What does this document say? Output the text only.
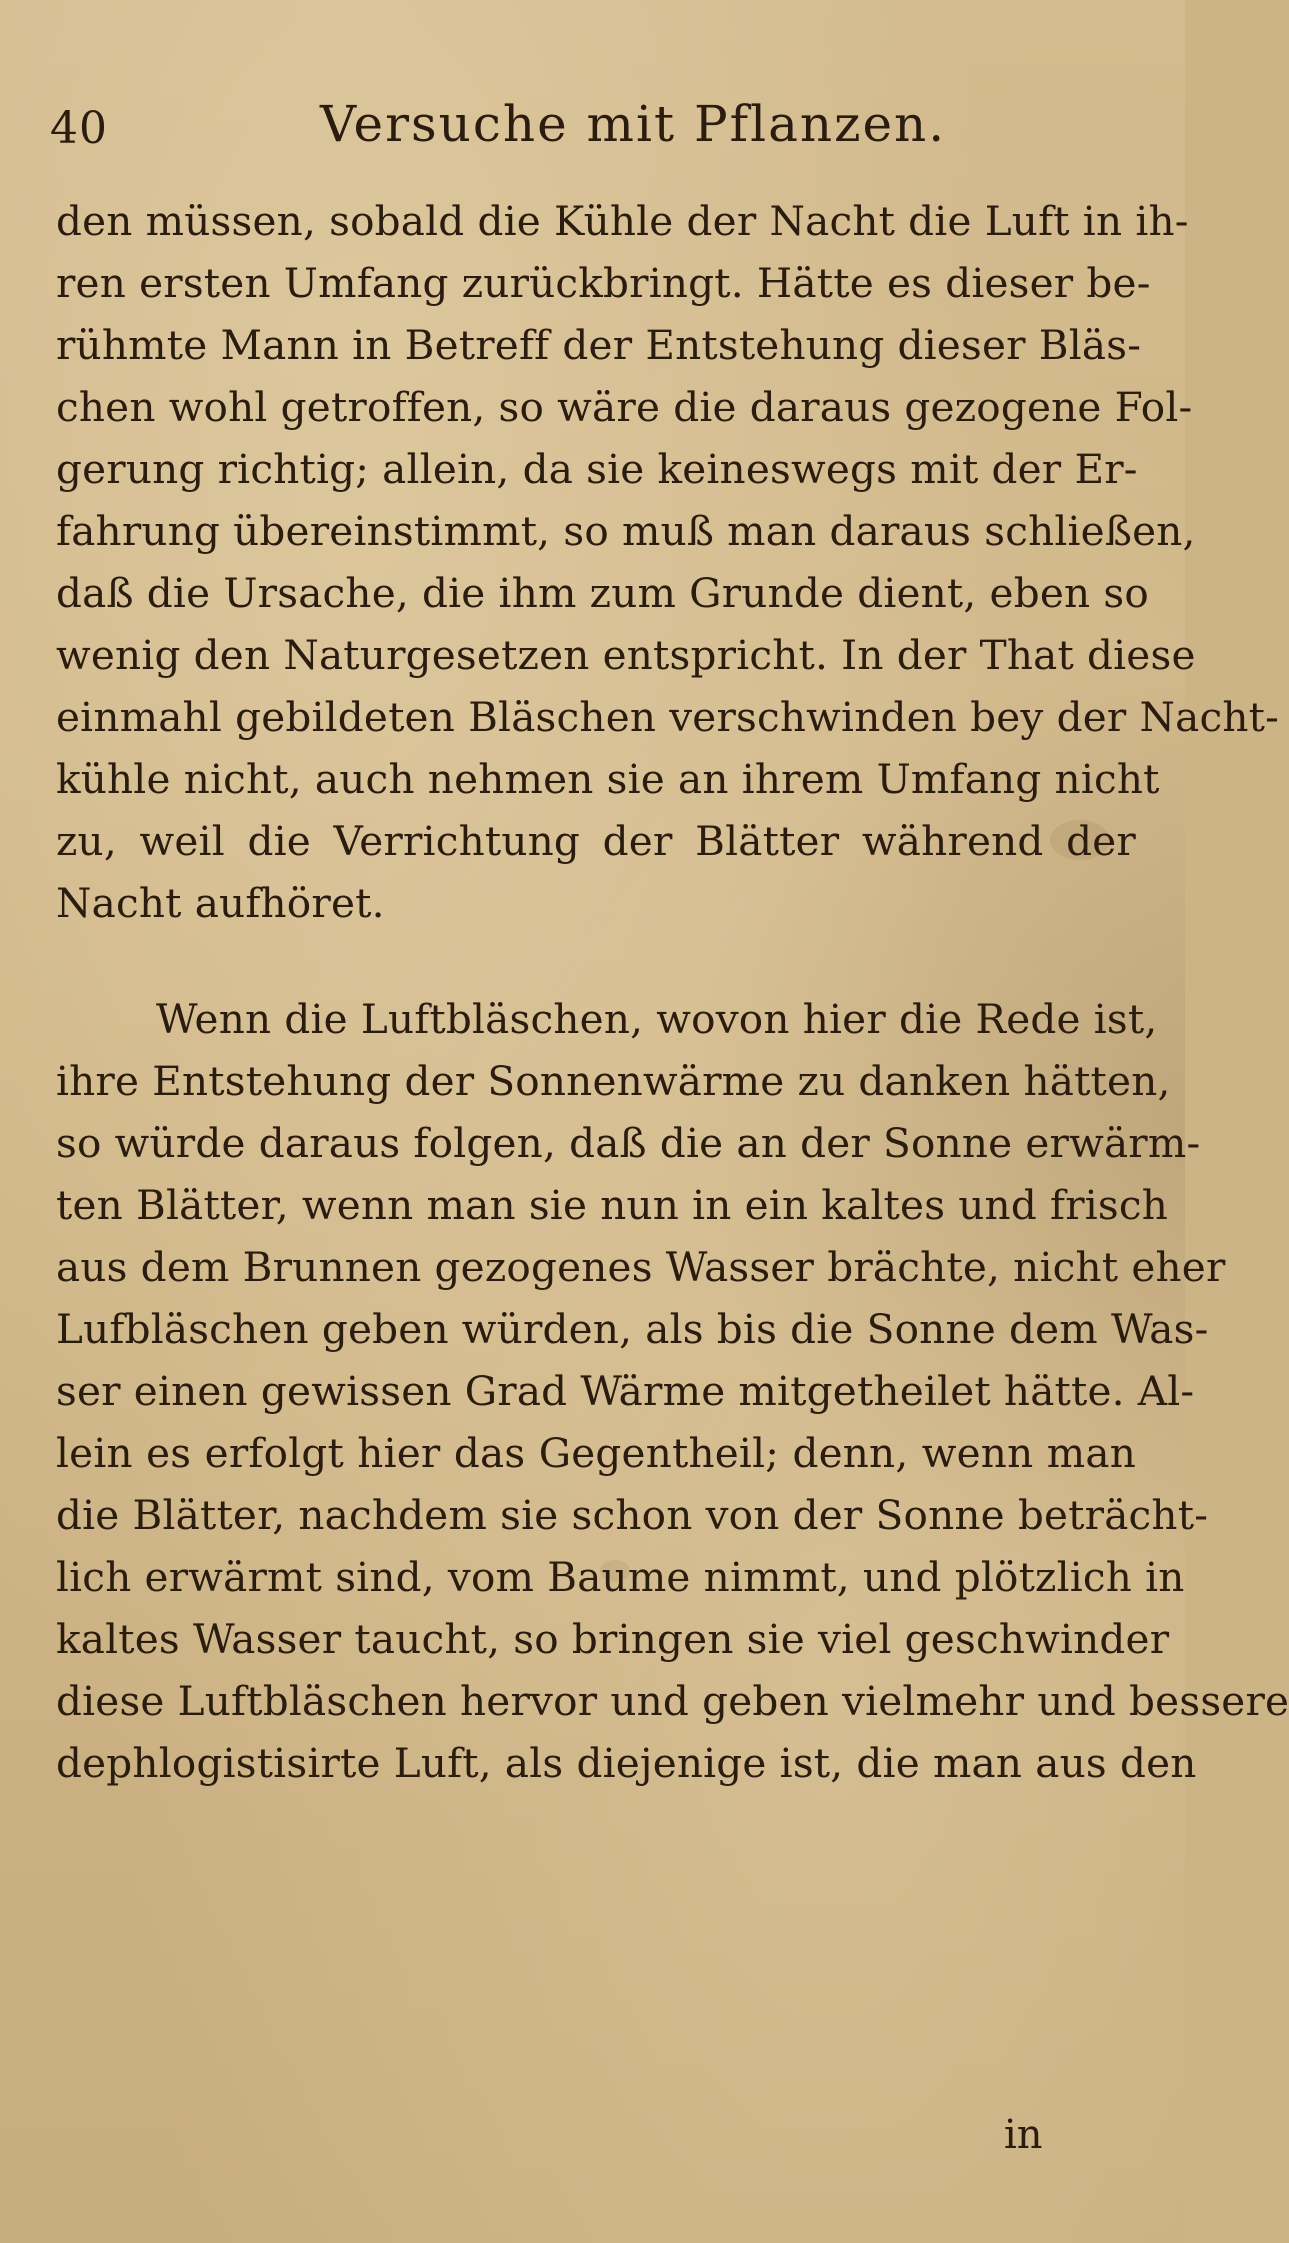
40	Versuche mit Pflanzen.
den müssen, sobald die Kühle der Nacht die Luft in ih-
ren ersten Umfang zurückbringt. Hätte es dieser be-
rühmte Mann in Betreff der Entstehung dieser Bläs-
chen wohl getroffen, so wäre die daraus gezogene Fol-
gerung richtig; allein, da sie keineswegs mit der Er-
fahrung übereinstimmt, so muß man daraus schließen,
daß die Ursache, die ihm zum Grunde dient, eben so
wenig den Naturgesetzen entspricht. In der That diese
einmahl gebildeten Bläschen verschwinden bey der Nacht-
kühle nicht, auch nehmen sie an ihrem Umfang nicht
zu, weil die Verrichtung der Blätter während der
Nacht aufhöret.
Wenn die Luftbläschen, wovon hier die Rede ist,
ihre Entstehung der Sonnenwärme zu danken hätten,
so würde daraus folgen, daß die an der Sonne erwärm-
ten Blätter, wenn man sie nun in ein kaltes und frisch
aus dem Brunnen gezogenes Wasser brächte, nicht eher
Lufbläschen geben würden, als bis die Sonne dem Was-
ser einen gewissen Grad Wärme mitgetheilet hätte. Al-
lein es erfolgt hier das Gegentheil; denn, wenn man
die Blätter, nachdem sie schon von der Sonne beträcht-
lich erwärmt sind, vom Baume nimmt, und plötzlich in
kaltes Wasser taucht, so bringen sie viel geschwinder
diese Luftbläschen hervor und geben vielmehr und bessere
dephlogistisirte Luft, als diejenige ist, die man aus den
in
